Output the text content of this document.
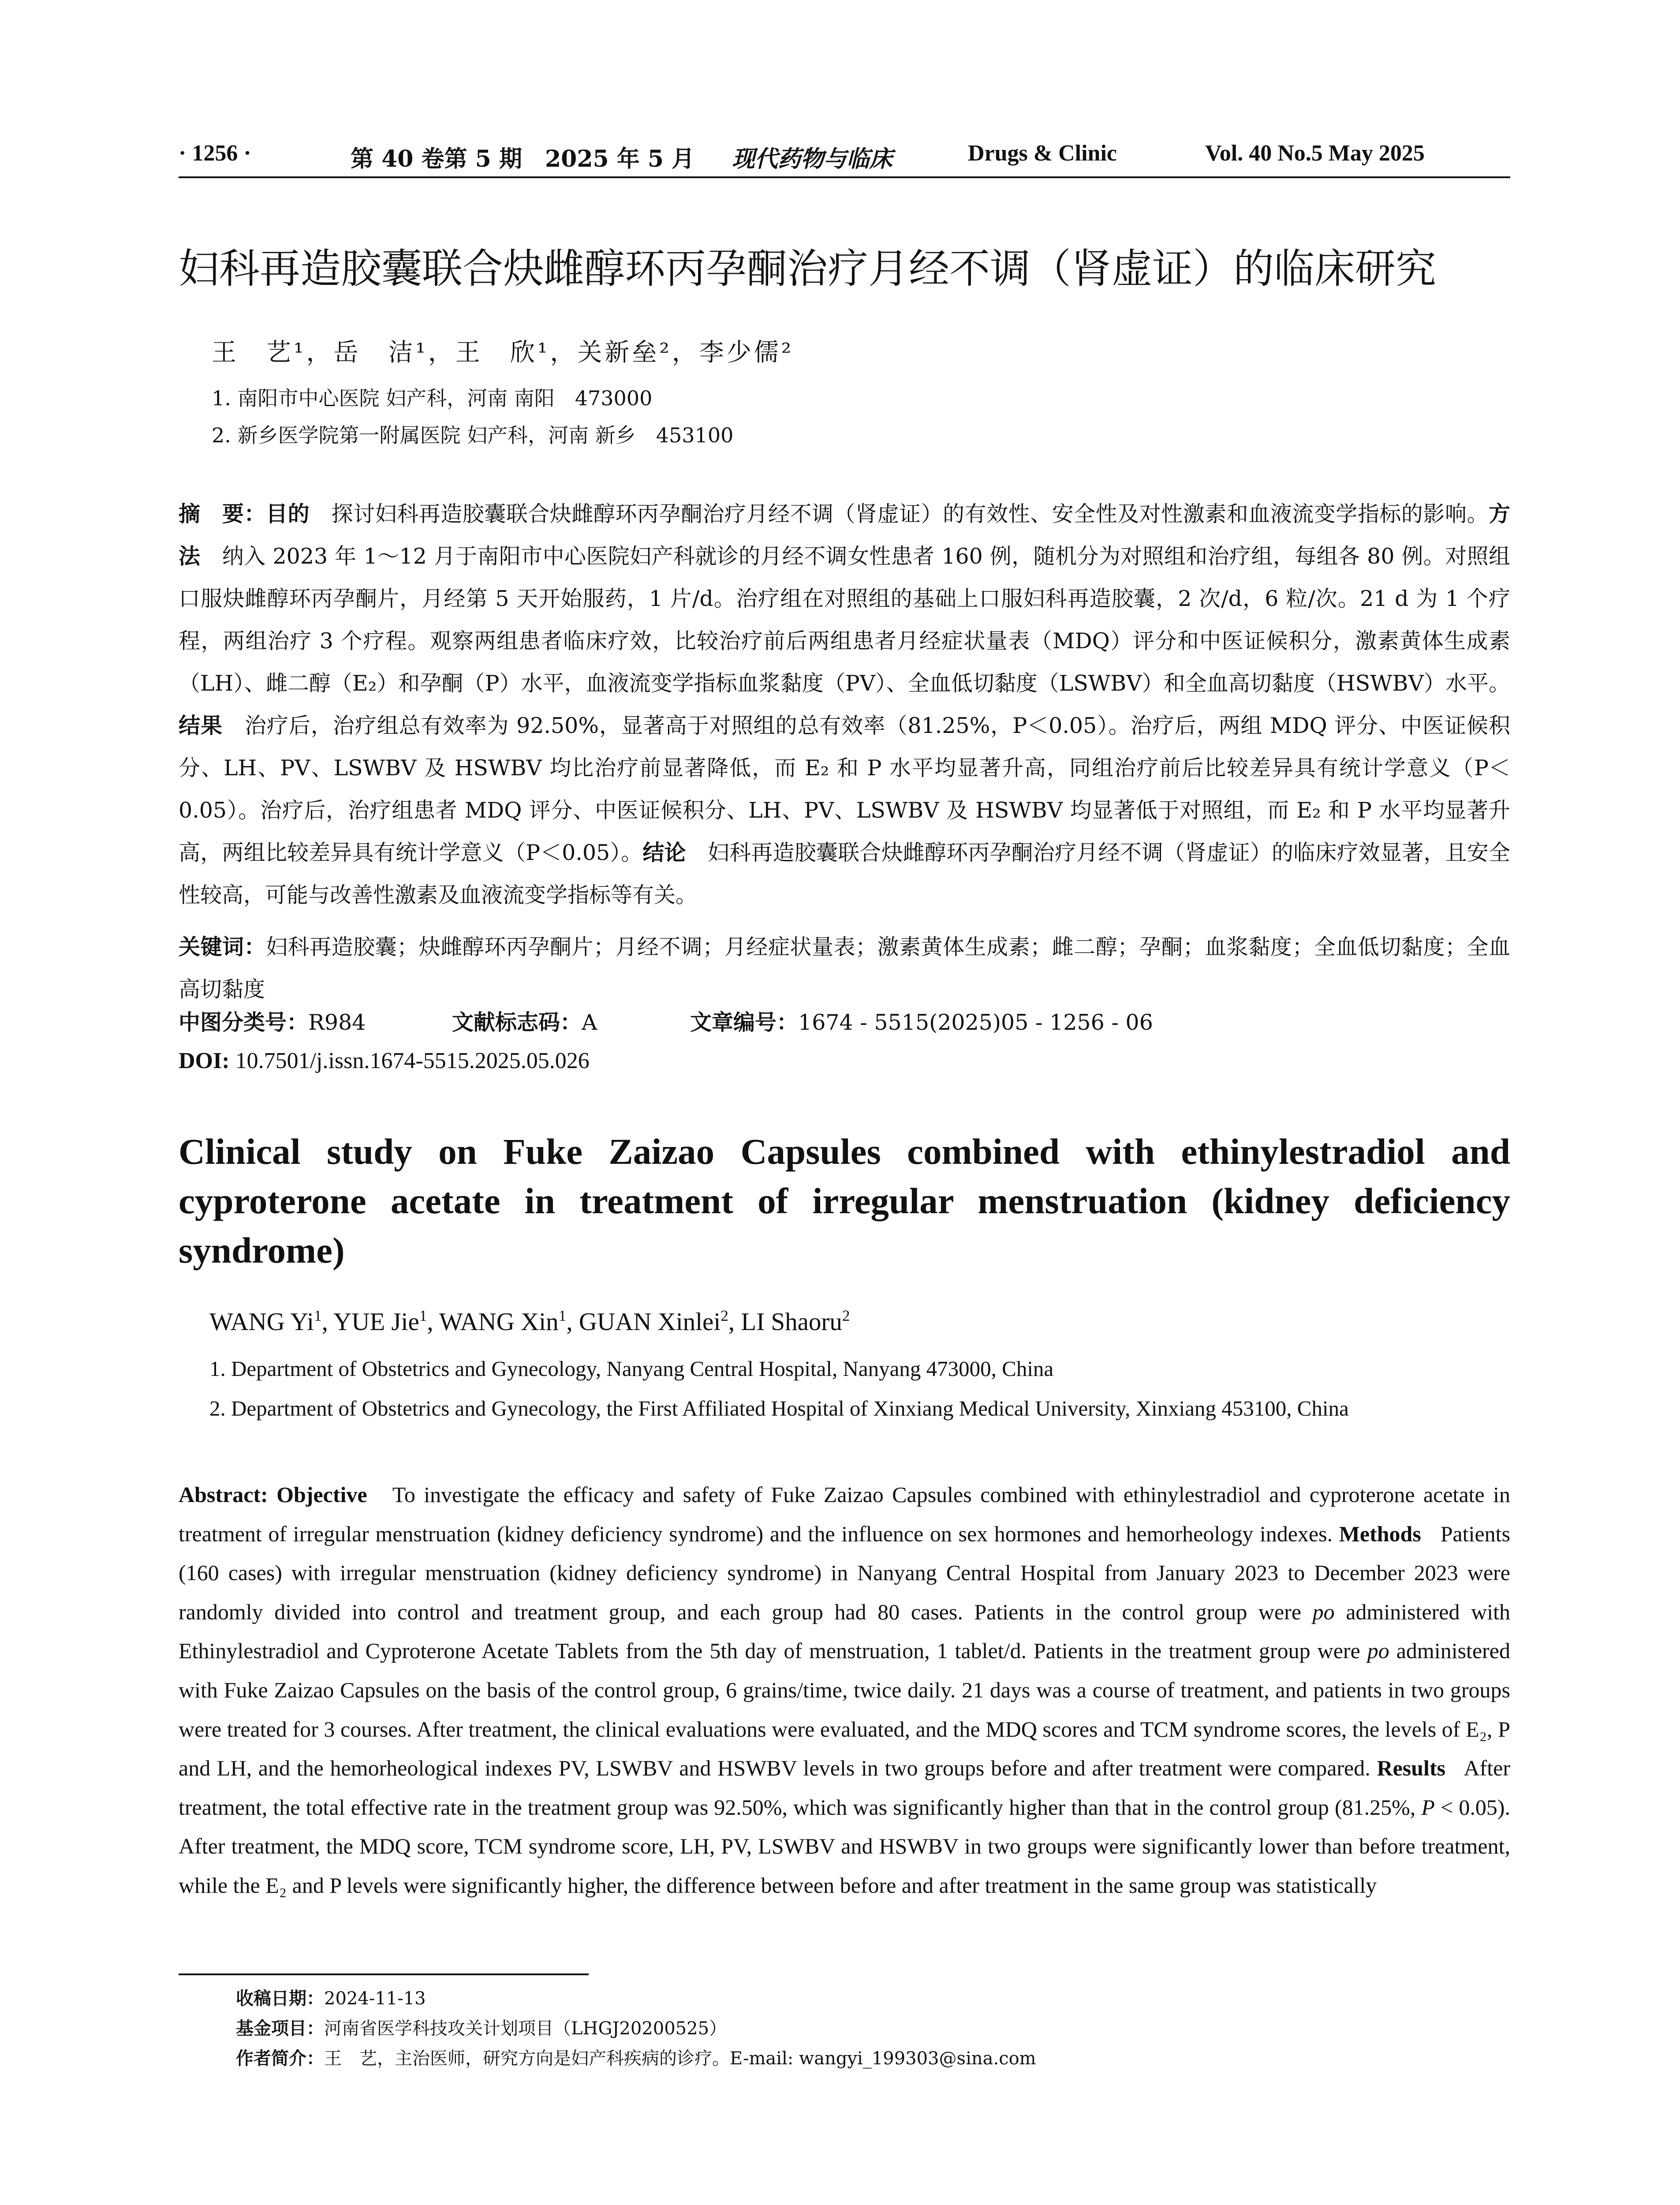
· 1256 ·	第 40 卷第 5 期　2025 年 5 月 现代药物与临床	Drugs & Clinic	Vol. 40 No.5 May 2025
妇科再造胶囊联合炔雌醇环丙孕酮治疗月经不调（肾虚证）的临床研究
王　艺¹，岳　洁¹，王　欣¹，关新垒²，李少儒²
1. 南阳市中心医院 妇产科，河南 南阳　473000
2. 新乡医学院第一附属医院 妇产科，河南 新乡　453100
摘　要：目的　探讨妇科再造胶囊联合炔雌醇环丙孕酮治疗月经不调（肾虚证）的有效性、安全性及对性激素和血液流变学指标的影响。方法　纳入 2023 年 1～12 月于南阳市中心医院妇产科就诊的月经不调女性患者 160 例，随机分为对照组和治疗组，每组各 80 例。对照组口服炔雌醇环丙孕酮片，月经第 5 天开始服药，1 片/d。治疗组在对照组的基础上口服妇科再造胶囊，2 次/d，6 粒/次。21 d 为 1 个疗程，两组治疗 3 个疗程。观察两组患者临床疗效，比较治疗前后两组患者月经症状量表（MDQ）评分和中医证候积分，激素黄体生成素（LH）、雌二醇（E₂）和孕酮（P）水平，血液流变学指标血浆黏度（PV）、全血低切黏度（LSWBV）和全血高切黏度（HSWBV）水平。结果　治疗后，治疗组总有效率为 92.50%，显著高于对照组的总有效率（81.25%，P＜0.05）。治疗后，两组 MDQ 评分、中医证候积分、LH、PV、LSWBV 及 HSWBV 均比治疗前显著降低，而 E₂ 和 P 水平均显著升高，同组治疗前后比较差异具有统计学意义（P＜0.05）。治疗后，治疗组患者 MDQ 评分、中医证候积分、LH、PV、LSWBV 及 HSWBV 均显著低于对照组，而 E₂ 和 P 水平均显著升高，两组比较差异具有统计学意义（P＜0.05）。结论　妇科再造胶囊联合炔雌醇环丙孕酮治疗月经不调（肾虚证）的临床疗效显著，且安全性较高，可能与改善性激素及血液流变学指标等有关。
关键词：妇科再造胶囊；炔雌醇环丙孕酮片；月经不调；月经症状量表；激素黄体生成素；雌二醇；孕酮；血浆黏度；全血低切黏度；全血高切黏度
中图分类号：R984	文献标志码：A	文章编号：1674 - 5515(2025)05 - 1256 - 06
DOI: 10.7501/j.issn.1674-5515.2025.05.026
Clinical study on Fuke Zaizao Capsules combined with ethinylestradiol and cyproterone acetate in treatment of irregular menstruation (kidney deficiency syndrome)
WANG Yi$^1$, YUE Jie$^1$, WANG Xin$^1$, GUAN Xinlei$^2$, LI Shaoru$^2$
1. Department of Obstetrics and Gynecology, Nanyang Central Hospital, Nanyang 473000, China
2. Department of Obstetrics and Gynecology, the First Affiliated Hospital of Xinxiang Medical University, Xinxiang 453100, China
Abstract: Objective To investigate the efficacy and safety of Fuke Zaizao Capsules combined with ethinylestradiol and cyproterone acetate in treatment of irregular menstruation (kidney deficiency syndrome) and the influence on sex hormones and hemorheology indexes. Methods Patients (160 cases) with irregular menstruation (kidney deficiency syndrome) in Nanyang Central Hospital from January 2023 to December 2023 were randomly divided into control and treatment group, and each group had 80 cases. Patients in the control group were po administered with Ethinylestradiol and Cyproterone Acetate Tablets from the 5th day of menstruation, 1 tablet/d. Patients in the treatment group were po administered with Fuke Zaizao Capsules on the basis of the control group, 6 grains/time, twice daily. 21 days was a course of treatment, and patients in two groups were treated for 3 courses. After treatment, the clinical evaluations were evaluated, and the MDQ scores and TCM syndrome scores, the levels of E₂, P and LH, and the hemorheological indexes PV, LSWBV and HSWBV levels in two groups before and after treatment were compared. Results After treatment, the total effective rate in the treatment group was 92.50%, which was significantly higher than that in the control group (81.25%, P < 0.05). After treatment, the MDQ score, TCM syndrome score, LH, PV, LSWBV and HSWBV in two groups were significantly lower than before treatment, while the E₂ and P levels were significantly higher, the difference between before and after treatment in the same group was statistically
收稿日期：2024-11-13
基金项目：河南省医学科技攻关计划项目（LHGJ20200525）
作者简介：王　艺，主治医师，研究方向是妇产科疾病的诊疗。E-mail: wangyi_199303@sina.com
